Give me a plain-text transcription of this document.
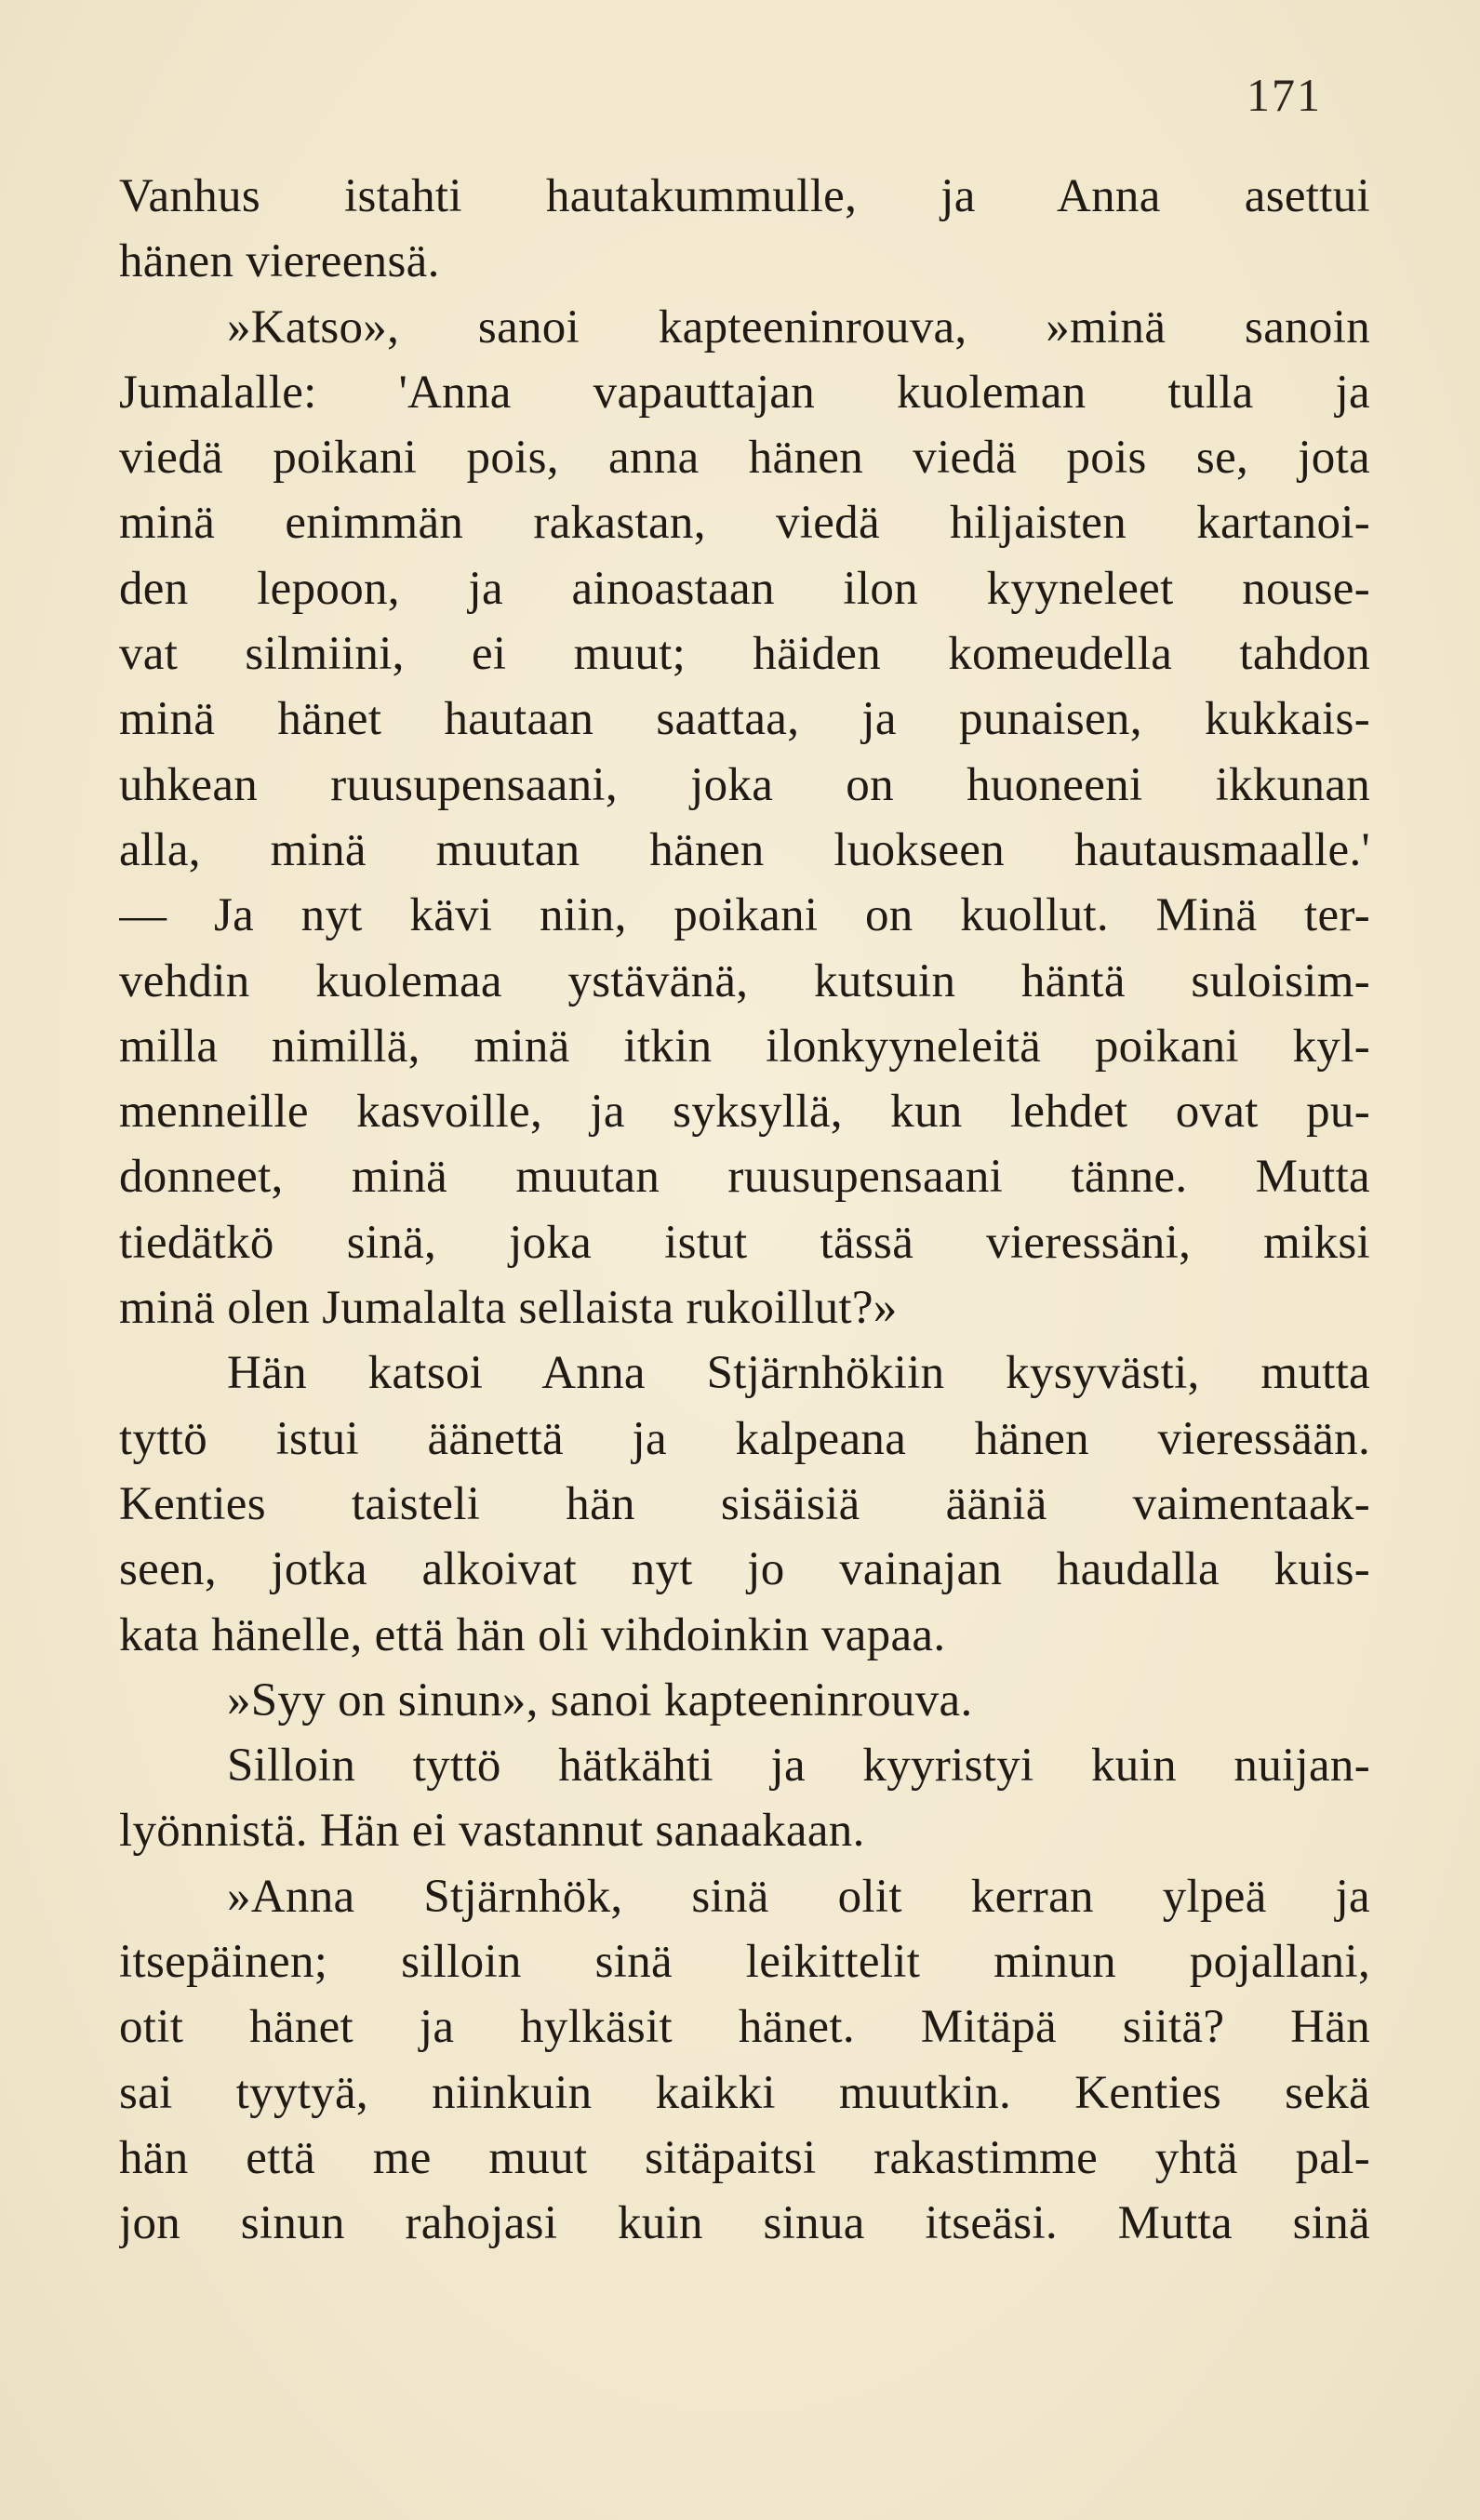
171
Vanhus istahti hautakummulle, ja Anna asettui
hänen viereensä.
»Katso», sanoi kapteeninrouva, »minä sanoin
Jumalalle: 'Anna vapauttajan kuoleman tulla ja
viedä poikani pois, anna hänen viedä pois se, jota
minä enimmän rakastan, viedä hiljaisten kartanoi-
den lepoon, ja ainoastaan ilon kyyneleet nouse-
vat silmiini, ei muut; häiden komeudella tahdon
minä hänet hautaan saattaa, ja punaisen, kukkais-
uhkean ruusupensaani, joka on huoneeni ikkunan
alla, minä muutan hänen luokseen hautausmaalle.'
— Ja nyt kävi niin, poikani on kuollut. Minä ter-
vehdin kuolemaa ystävänä, kutsuin häntä suloisim-
milla nimillä, minä itkin ilonkyyneleitä poikani kyl-
menneille kasvoille, ja syksyllä, kun lehdet ovat pu-
donneet, minä muutan ruusupensaani tänne. Mutta
tiedätkö sinä, joka istut tässä vieressäni, miksi
minä olen Jumalalta sellaista rukoillut?»
Hän katsoi Anna Stjärnhökiin kysyvästi, mutta
tyttö istui äänettä ja kalpeana hänen vieressään.
Kenties taisteli hän sisäisiä ääniä vaimentaak-
seen, jotka alkoivat nyt jo vainajan haudalla kuis-
kata hänelle, että hän oli vihdoinkin vapaa.
»Syy on sinun», sanoi kapteeninrouva.
Silloin tyttö hätkähti ja kyyristyi kuin nuijan-
lyönnistä. Hän ei vastannut sanaakaan.
»Anna Stjärnhök, sinä olit kerran ylpeä ja
itsepäinen; silloin sinä leikittelit minun pojallani,
otit hänet ja hylkäsit hänet. Mitäpä siitä? Hän
sai tyytyä, niinkuin kaikki muutkin. Kenties sekä
hän että me muut sitäpaitsi rakastimme yhtä pal-
jon sinun rahojasi kuin sinua itseäsi. Mutta sinä
